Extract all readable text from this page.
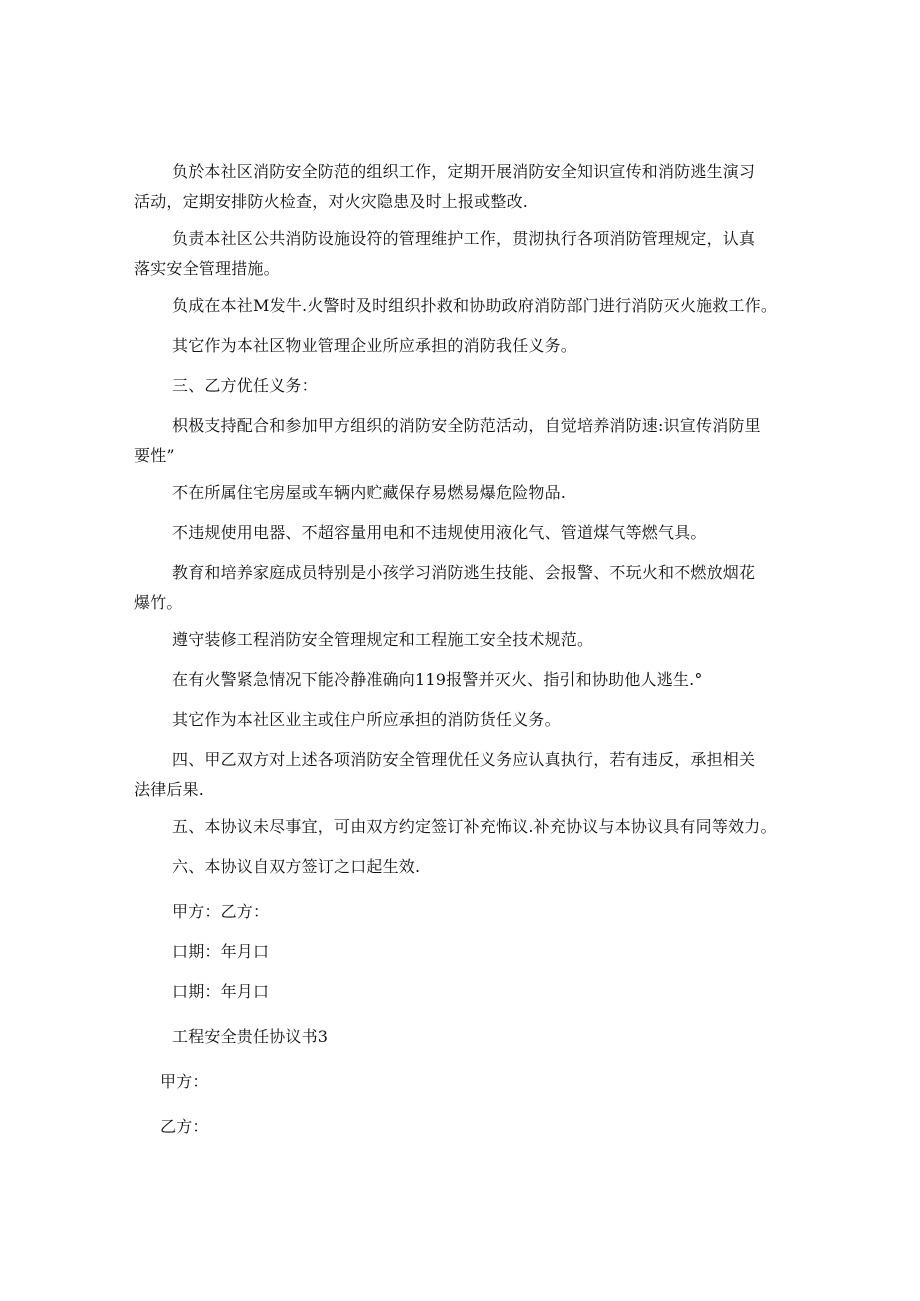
负於本社区消防安全防范的组织工作，定期开展消防安全知识宣传和消防逃生演习
活动，定期安排防火检查，对火灾隐患及时上报或整改.

负责本社区公共消防设施设符的管理维护工作，贯沏执行各项消防管理规定，认真
落实安全管理措施。

负成在本社M发牛.火警时及时组织扑救和协助政府消防部门进行消防灭火施救工作。

其它作为本社区物业管理企业所应承担的消防我任义务。

三、乙方优任义务：

枳极支持配合和参加甲方组织的消防安全防范活动，自觉培养消防速:识宣传消防里
要性”

不在所属住宅房屋或车辆内贮藏保存易燃易爆危险物品.

不违规使用电器、不超容量用电和不违规使用液化气、管道煤气等燃气具。

教育和培养家庭成员特别是小孩学习消防逃生技能、会报警、不玩火和不燃放烟花
爆竹。

遵守装修工程消防安全管理规定和工程施工安全技术规范。

在有火警紧急情况下能冷静准确向119报警并灭火、指引和协助他人逃生.°

其它作为本社区业主或住户所应承担的消防货任义务。

四、甲乙双方对上述各项消防安全管理优任义务应认真执行，若有违反，承担相关
法律后果.

五、本协议未尽事宜，可由双方约定签订补充怖议.补充协议与本协议具有同等效力。

六、本协议自双方签订之口起生效.

甲方：乙方：

口期：年月口

口期：年月口

工程安全贵任协议书3

甲方：

乙方：
